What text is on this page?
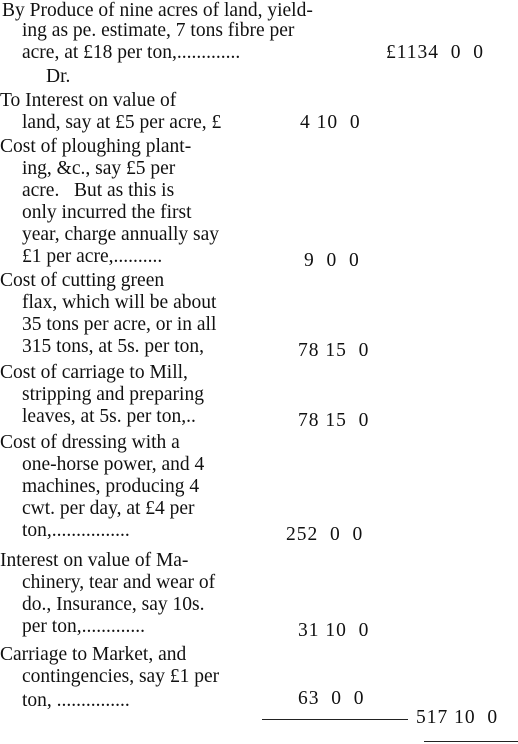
By Produce of nine acres of land, yield-
ing as pe. estimate, 7 tons fibre per
acre, at £18 per ton,.............	£1134  0  0
Dr.
To Interest on value of
land, say at £5 per acre, £	4 10  0
Cost of ploughing plant-
ing, &c., say £5 per
acre.   But as this is
only incurred the first
year, charge annually say
£1 per acre,..........	9  0  0
Cost of cutting green
flax, which will be about
35 tons per acre, or in all
315 tons, at 5s. per ton,	78 15  0
Cost of carriage to Mill,
stripping and preparing
leaves, at 5s. per ton,..	78 15  0
Cost of dressing with a
one-horse power, and 4
machines, producing 4
cwt. per day, at £4 per
ton,................	252  0  0
Interest on value of Ma-
chinery, tear and wear of
do., Insurance, say 10s.
per ton,.............	31 10  0
Carriage to Market, and
contingencies, say £1 per
ton, ...............	63  0  0
517 10  0
